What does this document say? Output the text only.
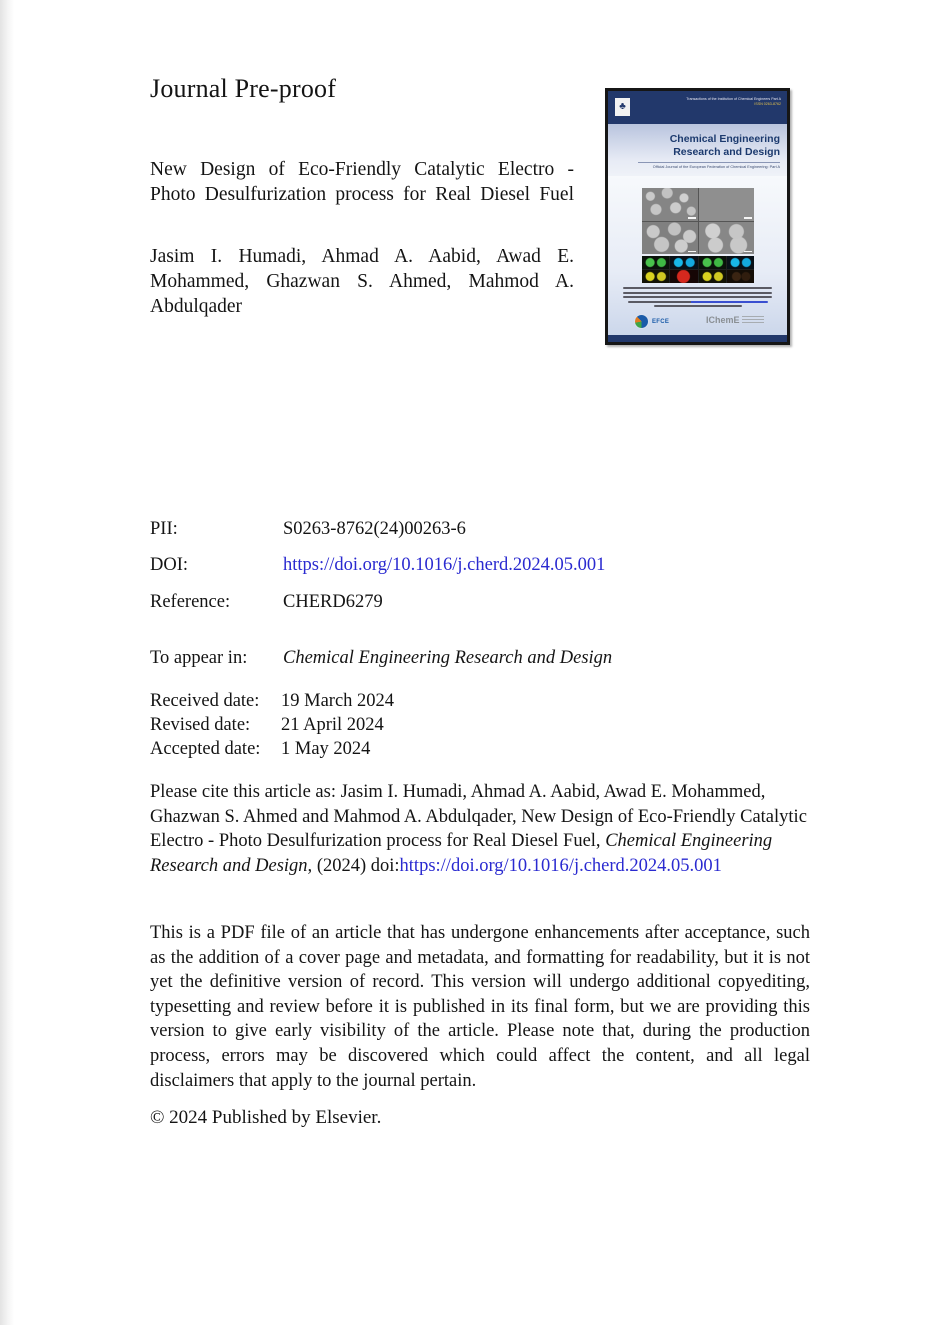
Journal Pre-proof
♣
Transactions of the Institution of Chemical Engineers Part A
ISSN 0263-8762
Chemical Engineering
Research and Design
Official Journal of the European Federation of Chemical Engineering: Part A
EFCE	IChemE
New Design of Eco-Friendly Catalytic Electro -
Photo Desulfurization process for Real Diesel Fuel
Jasim I. Humadi, Ahmad A. Aabid, Awad E.
Mohammed, Ghazwan S. Ahmed, Mahmod A.
Abdulqader
PII:	S0263-8762(24)00263-6
DOI:	https://doi.org/10.1016/j.cherd.2024.05.001
Reference:	CHERD6279
To appear in: Chemical Engineering Research and Design
Received date: 19 March 2024
Revised date: 21 April 2024
Accepted date: 1 May 2024
Please cite this article as: Jasim I. Humadi, Ahmad A. Aabid, Awad E. Mohammed, Ghazwan S. Ahmed and Mahmod A. Abdulqader, New Design of Eco-Friendly Catalytic Electro - Photo Desulfurization process for Real Diesel Fuel, Chemical Engineering Research and Design, (2024) doi:https://doi.org/10.1016/j.cherd.2024.05.001
This is a PDF file of an article that has undergone enhancements after acceptance, such as the addition of a cover page and metadata, and formatting for readability, but it is not yet the definitive version of record. This version will undergo additional copyediting, typesetting and review before it is published in its final form, but we are providing this version to give early visibility of the article. Please note that, during the production process, errors may be discovered which could affect the content, and all legal disclaimers that apply to the journal pertain.
© 2024 Published by Elsevier.
